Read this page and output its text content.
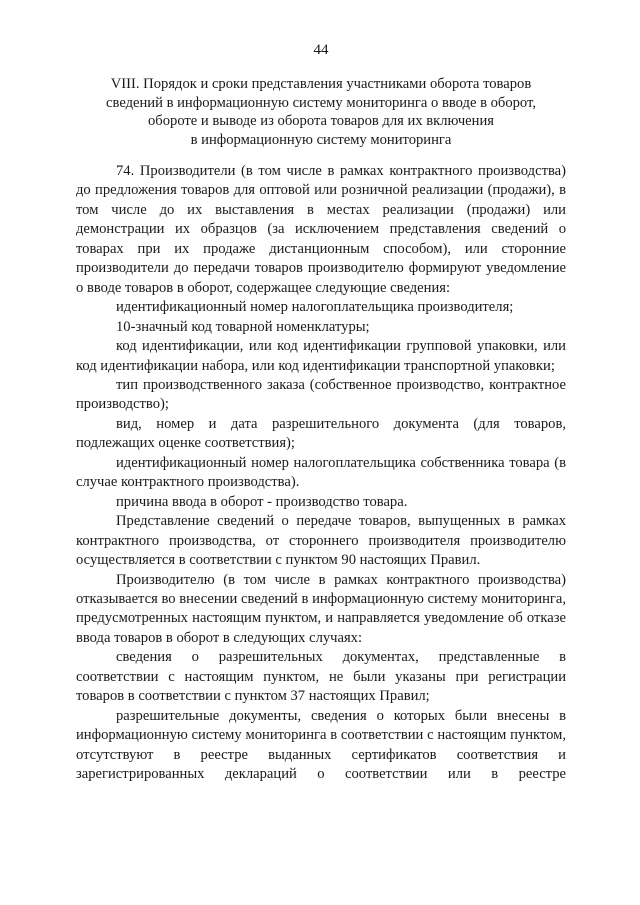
44
VIII. Порядок и сроки представления участниками оборота товаров
сведений в информационную систему мониторинга о вводе в оборот,
обороте и выводе из оборота товаров для их включения
в информационную систему мониторинга

74. Производители (в том числе в рамках контрактного производства) до предложения товаров для оптовой или розничной реализации (продажи), в том числе до их выставления в местах реализации (продажи) или демонстрации их образцов (за исключением представления сведений о товарах при их продаже дистанционным способом), или сторонние производители до передачи товаров производителю формируют уведомление о вводе товаров в оборот, содержащее следующие сведения:

идентификационный номер налогоплательщика производителя;

10-значный код товарной номенклатуры;

код идентификации, или код идентификации групповой упаковки, или код идентификации набора, или код идентификации транспортной упаковки;

тип производственного заказа (собственное производство, контрактное производство);

вид, номер и дата разрешительного документа (для товаров, подлежащих оценке соответствия);

идентификационный номер налогоплательщика собственника товара (в случае контрактного производства).

причина ввода в оборот - производство товара.

Представление сведений о передаче товаров, выпущенных в рамках контрактного производства, от стороннего производителя производителю осуществляется в соответствии с пунктом 90 настоящих Правил.

Производителю (в том числе в рамках контрактного производства) отказывается во внесении сведений в информационную систему мониторинга, предусмотренных настоящим пунктом, и направляется уведомление об отказе ввода товаров в оборот в следующих случаях:

сведения о разрешительных документах, представленные в соответствии с настоящим пунктом, не были указаны при регистрации товаров в соответствии с пунктом 37 настоящих Правил;

разрешительные документы, сведения о которых были внесены в информационную систему мониторинга в соответствии с настоящим пунктом, отсутствуют в реестре выданных сертификатов соответствия и зарегистрированных деклараций о соответствии или в реестре
